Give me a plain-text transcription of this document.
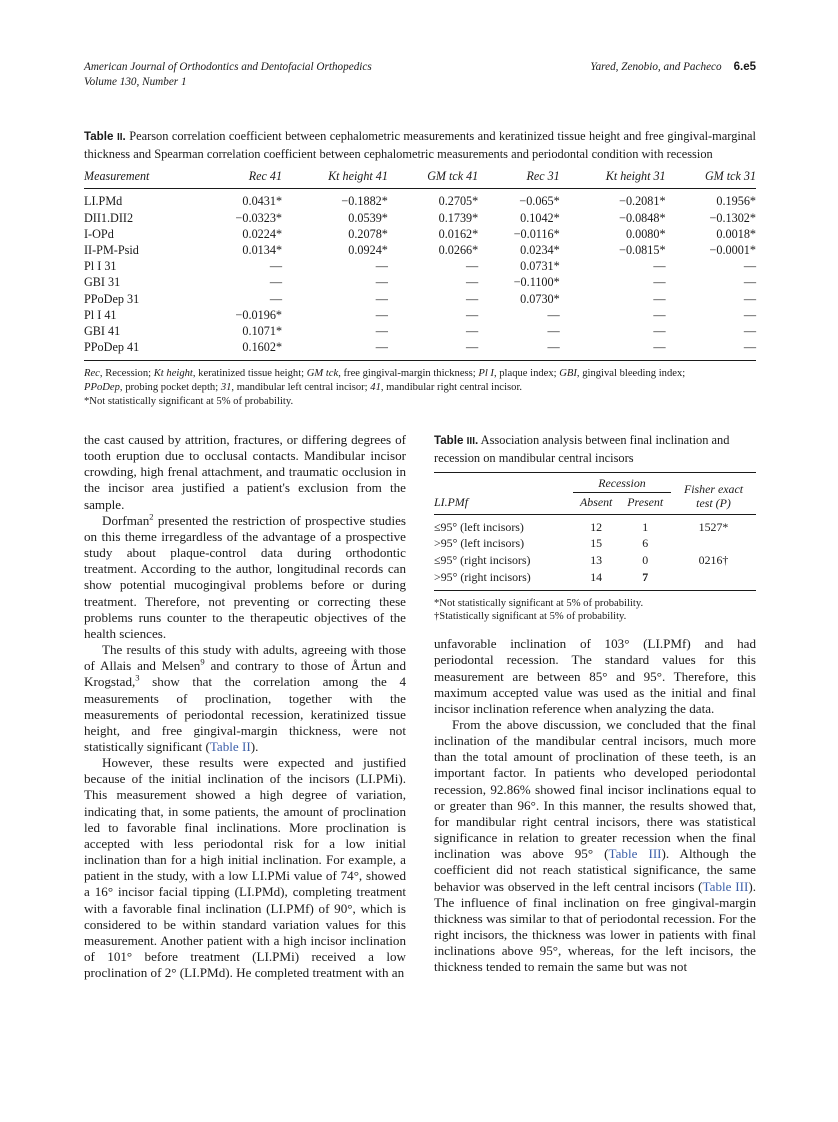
American Journal of Orthodontics and Dentofacial Orthopedics	Yared, Zenobio, and Pacheco 6.e5
Volume 130, Number 1
Table II. Pearson correlation coefficient between cephalometric measurements and keratinized tissue height and free gingival-marginal thickness and Spearman correlation coefficient between cephalometric measurements and periodontal condition with recession
Measurement	Rec 41	Kt height 41	GM tck 41	Rec 31	Kt height 31	GM tck 31
LI.PMd	0.0431*	−0.1882*	0.2705*	−0.065*	−0.2081*	0.1956*
DII1.DII2	−0.0323*	0.0539*	0.1739*	0.1042*	−0.0848*	−0.1302*
I-OPd	0.0224*	0.2078*	0.0162*	−0.0116*	0.0080*	0.0018*
II-PM-Psid	0.0134*	0.0924*	0.0266*	0.0234*	−0.0815*	−0.0001*
Pl I 31	—	—	—	0.0731*	—	—
GBI 31	—	—	—	−0.1100*	—	—
PPoDep 31	—	—	—	0.0730*	—	—
Pl I 41	−0.0196*	—	—	—	—	—
GBI 41	0.1071*	—	—	—	—	—
PPoDep 41	0.1602*	—	—	—	—	—
Rec, Recession; Kt height, keratinized tissue height; GM tck, free gingival-margin thickness; Pl I, plaque index; GBI, gingival bleeding index;
PPoDep, probing pocket depth; 31, mandibular left central incisor; 41, mandibular right central incisor.
*Not statistically significant at 5% of probability.

the cast caused by attrition, fractures, or differing degrees of tooth eruption due to occlusal contacts. Mandibular incisor crowding, high frenal attachment, and traumatic occlusion in the incisor area justified a patient's exclusion from the sample.

Dorfman$^2$ presented the restriction of prospective studies on this theme irregardless of the advantage of a prospective study about plaque-control data during orthodontic treatment. According to the author, longitudinal records can show potential mucogingival problems before or during treatment. Therefore, not preventing or correcting these problems runs counter to the therapeutic objectives of the health sciences.

The results of this study with adults, agreeing with those of Allais and Melsen$^9$ and contrary to those of Årtun and Krogstad,$^3$ show that the correlation among the 4 measurements of proclination, together with the measurements of periodontal recession, keratinized tissue height, and free gingival-margin thickness, were not statistically significant (Table II).

However, these results were expected and justified because of the initial inclination of the incisors (LI.PMi). This measurement showed a high degree of variation, indicating that, in some patients, the amount of proclination led to favorable final inclinations. More proclination is accepted with less periodontal risk for a low initial inclination than for a high initial inclination. For example, a patient in the study, with a low LI.PMi value of 74°, showed a 16° incisor facial tipping (LI.PMd), completing treatment with a favorable final inclination (LI.PMf) of 90°, which is considered to be within standard variation values for this measurement. Another patient with a high incisor inclination of 101° before treatment (LI.PMi) received a low proclination of 2° (LI.PMd). He completed treatment with an

Table III. Association analysis between final inclination and recession on mandibular central incisors
	Recession		Fisher exact
test (P)
LI.PMf	Absent	Present	
≤95° (left incisors)	12	1	1527*
>95° (left incisors)	15	6	
≤95° (right incisors)	13	0	0216†
>95° (right incisors)	14	7	
*Not statistically significant at 5% of probability.
†Statistically significant at 5% of probability.

unfavorable inclination of 103° (LI.PMf) and had periodontal recession. The standard values for this measurement are between 85° and 95°. Therefore, this maximum accepted value was used as the initial and final incisor inclination reference when analyzing the data.

From the above discussion, we concluded that the final inclination of the mandibular central incisors, much more than the total amount of proclination of these teeth, is an important factor. In patients who developed periodontal recession, 92.86% showed final incisor inclinations equal to or greater than 96°. In this manner, the results showed that, for mandibular right central incisors, there was statistical significance in relation to greater recession when the final inclination was above 95° (Table III). Although the coefficient did not reach statistical significance, the same behavior was observed in the left central incisors (Table III). The influence of final inclination on free gingival-margin thickness was similar to that of periodontal recession. For the right incisors, the thickness was lower in patients with final inclinations above 95°, whereas, for the left incisors, the thickness tended to remain the same but was not
